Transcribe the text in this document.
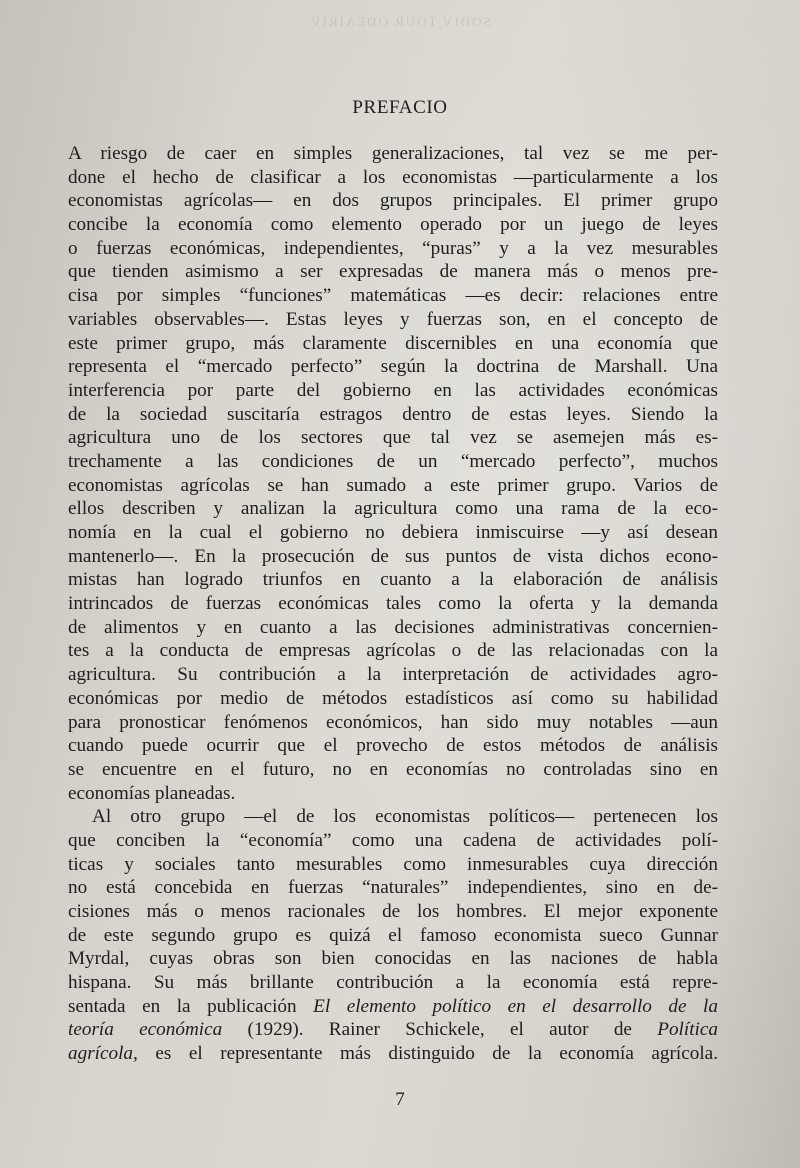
SODIV TOUR ODEAIRIV
PREFACIO
A riesgo de caer en simples generalizaciones, tal vez se me per-
done el hecho de clasificar a los economistas —particularmente a los
economistas agrícolas— en dos grupos principales. El primer grupo
concibe la economía como elemento operado por un juego de leyes
o fuerzas económicas, independientes, “puras” y a la vez mesurables
que tienden asimismo a ser expresadas de manera más o menos pre-
cisa por simples “funciones” matemáticas —es decir: relaciones entre
variables observables—. Estas leyes y fuerzas son, en el concepto de
este primer grupo, más claramente discernibles en una economía que
representa el “mercado perfecto” según la doctrina de Marshall. Una
interferencia por parte del gobierno en las actividades económicas
de la sociedad suscitaría estragos dentro de estas leyes. Siendo la
agricultura uno de los sectores que tal vez se asemejen más es-
trechamente a las condiciones de un “mercado perfecto”, muchos
economistas agrícolas se han sumado a este primer grupo. Varios de
ellos describen y analizan la agricultura como una rama de la eco-
nomía en la cual el gobierno no debiera inmiscuirse —y así desean
mantenerlo—. En la prosecución de sus puntos de vista dichos econo-
mistas han logrado triunfos en cuanto a la elaboración de análisis
intrincados de fuerzas económicas tales como la oferta y la demanda
de alimentos y en cuanto a las decisiones administrativas concernien-
tes a la conducta de empresas agrícolas o de las relacionadas con la
agricultura. Su contribución a la interpretación de actividades agro-
económicas por medio de métodos estadísticos así como su habilidad
para pronosticar fenómenos económicos, han sido muy notables —aun
cuando puede ocurrir que el provecho de estos métodos de análisis
se encuentre en el futuro, no en economías no controladas sino en
economías planeadas.
Al otro grupo —el de los economistas políticos— pertenecen los
que conciben la “economía” como una cadena de actividades polí-
ticas y sociales tanto mesurables como inmesurables cuya dirección
no está concebida en fuerzas “naturales” independientes, sino en de-
cisiones más o menos racionales de los hombres. El mejor exponente
de este segundo grupo es quizá el famoso economista sueco Gunnar
Myrdal, cuyas obras son bien conocidas en las naciones de habla
hispana. Su más brillante contribución a la economía está repre-
sentada en la publicación El elemento político en el desarrollo de la
teoría económica (1929). Rainer Schickele, el autor de Política
agrícola, es el representante más distinguido de la economía agrícola.
7
